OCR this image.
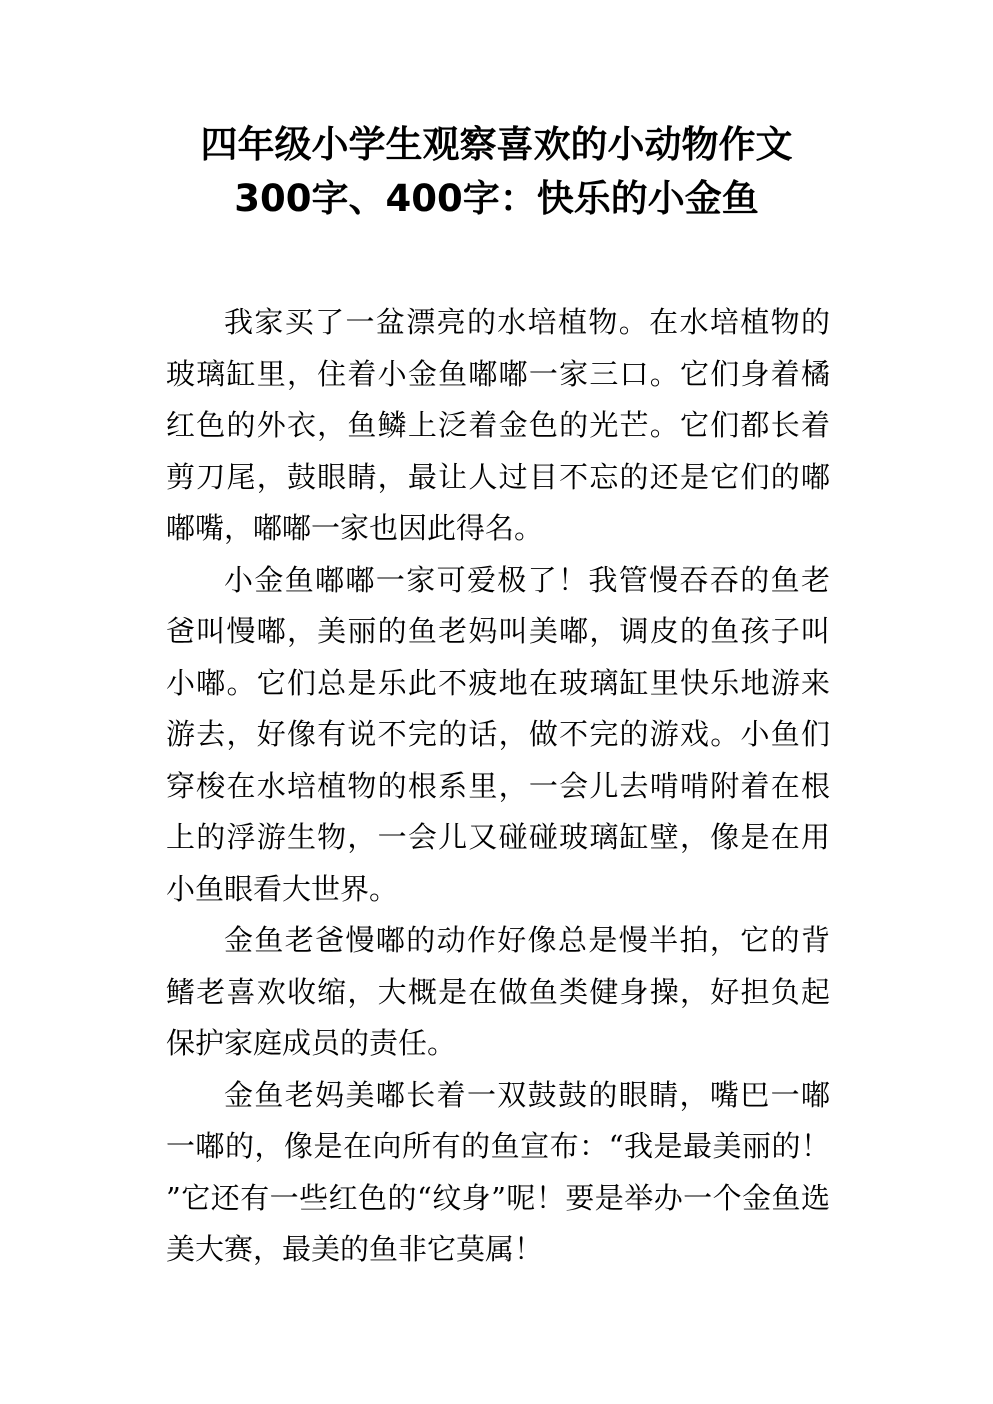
四年级小学生观察喜欢的小动物作文
300字、400字：快乐的小金鱼

我家买了一盆漂亮的水培植物。在水培植物的玻璃缸里，住着小金鱼嘟嘟一家三口。它们身着橘红色的外衣，鱼鳞上泛着金色的光芒。它们都长着剪刀尾，鼓眼睛，最让人过目不忘的还是它们的嘟嘟嘴，嘟嘟一家也因此得名。

小金鱼嘟嘟一家可爱极了！我管慢吞吞的鱼老爸叫慢嘟，美丽的鱼老妈叫美嘟，调皮的鱼孩子叫小嘟。它们总是乐此不疲地在玻璃缸里快乐地游来游去，好像有说不完的话，做不完的游戏。小鱼们穿梭在水培植物的根系里，一会儿去啃啃附着在根上的浮游生物，一会儿又碰碰玻璃缸壁，像是在用小鱼眼看大世界。

金鱼老爸慢嘟的动作好像总是慢半拍，它的背鳍老喜欢收缩，大概是在做鱼类健身操，好担负起保护家庭成员的责任。

金鱼老妈美嘟长着一双鼓鼓的眼睛，嘴巴一嘟一嘟的，像是在向所有的鱼宣布：“我是最美丽的！”它还有一些红色的“纹身”呢！要是举办一个金鱼选美大赛，最美的鱼非它莫属！
